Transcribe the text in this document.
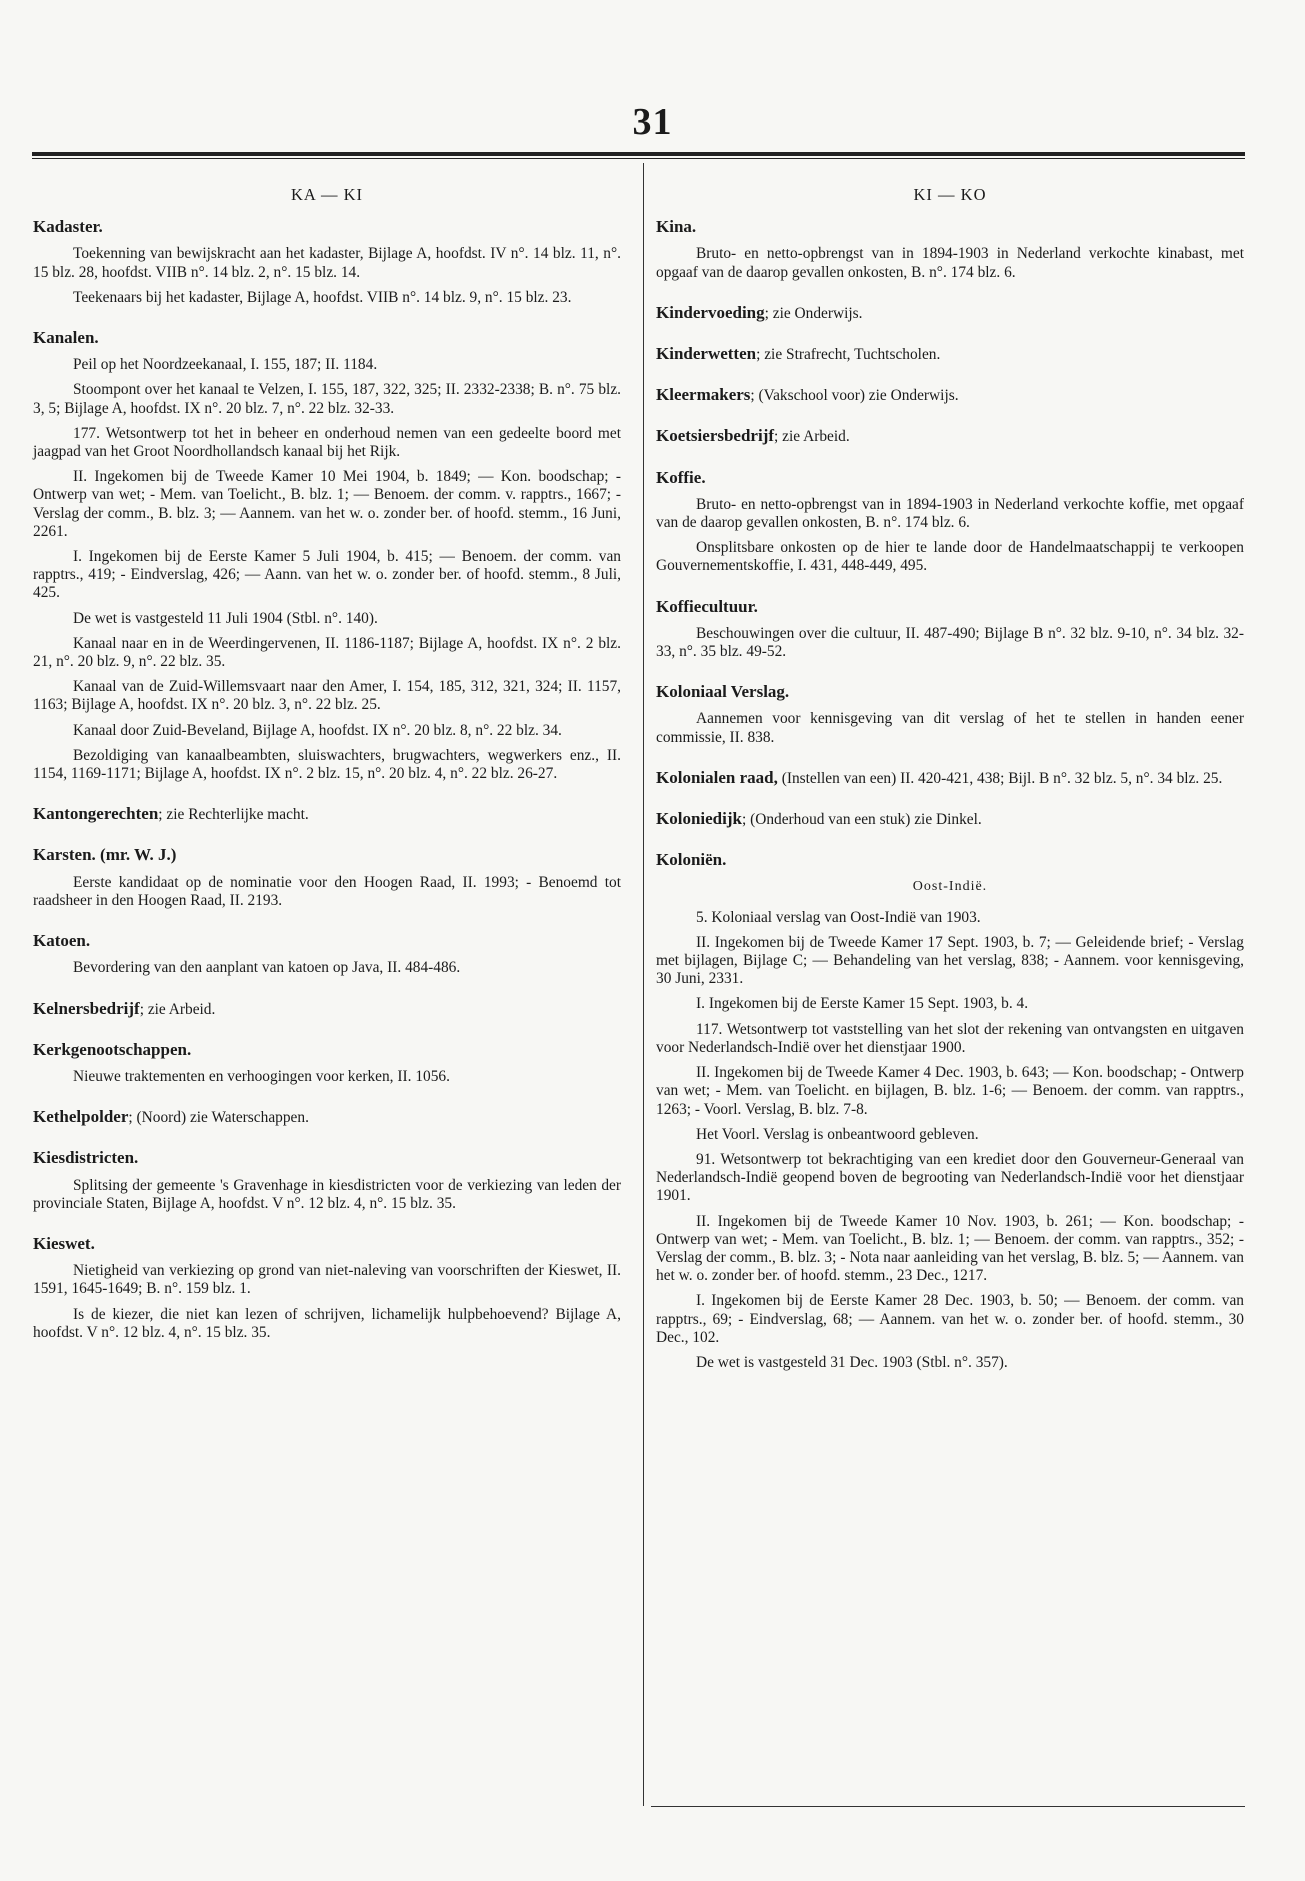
31
KA — KI
Kadaster.

Toekenning van bewijskracht aan het kadaster, Bijlage A, hoofdst. IV n°. 14 blz. 11, n°. 15 blz. 28, hoofdst. VIIB n°. 14 blz. 2, n°. 15 blz. 14.

Teekenaars bij het kadaster, Bijlage A, hoofdst. VIIB n°. 14 blz. 9, n°. 15 blz. 23.

Kanalen.

Peil op het Noordzeekanaal, I. 155, 187; II. 1184.

Stoompont over het kanaal te Velzen, I. 155, 187, 322, 325; II. 2332-2338; B. n°. 75 blz. 3, 5; Bijlage A, hoofdst. IX n°. 20 blz. 7, n°. 22 blz. 32-33.

177. Wetsontwerp tot het in beheer en onderhoud nemen van een gedeelte boord met jaagpad van het Groot Noordhollandsch kanaal bij het Rijk.

II. Ingekomen bij de Tweede Kamer 10 Mei 1904, b. 1849; — Kon. boodschap; - Ontwerp van wet; - Mem. van Toelicht., B. blz. 1; — Benoem. der comm. v. rapptrs., 1667; - Verslag der comm., B. blz. 3; — Aannem. van het w. o. zonder ber. of hoofd. stemm., 16 Juni, 2261.

I. Ingekomen bij de Eerste Kamer 5 Juli 1904, b. 415; — Benoem. der comm. van rapptrs., 419; - Eindverslag, 426; — Aann. van het w. o. zonder ber. of hoofd. stemm., 8 Juli, 425.

De wet is vastgesteld 11 Juli 1904 (Stbl. n°. 140).

Kanaal naar en in de Weerdingervenen, II. 1186-1187; Bijlage A, hoofdst. IX n°. 2 blz. 21, n°. 20 blz. 9, n°. 22 blz. 35.

Kanaal van de Zuid-Willemsvaart naar den Amer, I. 154, 185, 312, 321, 324; II. 1157, 1163; Bijlage A, hoofdst. IX n°. 20 blz. 3, n°. 22 blz. 25.

Kanaal door Zuid-Beveland, Bijlage A, hoofdst. IX n°. 20 blz. 8, n°. 22 blz. 34.

Bezoldiging van kanaalbeambten, sluiswachters, brugwachters, wegwerkers enz., II. 1154, 1169-1171; Bijlage A, hoofdst. IX n°. 2 blz. 15, n°. 20 blz. 4, n°. 22 blz. 26-27.

Kantongerechten; zie Rechterlijke macht.

Karsten. (mr. W. J.)

Eerste kandidaat op de nominatie voor den Hoogen Raad, II. 1993; - Benoemd tot raadsheer in den Hoogen Raad, II. 2193.

Katoen.

Bevordering van den aanplant van katoen op Java, II. 484-486.

Kelnersbedrijf; zie Arbeid.

Kerkgenootschappen.

Nieuwe traktementen en verhoogingen voor kerken, II. 1056.

Kethelpolder; (Noord) zie Waterschappen.

Kiesdistricten.

Splitsing der gemeente 's Gravenhage in kiesdistricten voor de verkiezing van leden der provinciale Staten, Bijlage A, hoofdst. V n°. 12 blz. 4, n°. 15 blz. 35.

Kieswet.

Nietigheid van verkiezing op grond van niet-naleving van voorschriften der Kieswet, II. 1591, 1645-1649; B. n°. 159 blz. 1.

Is de kiezer, die niet kan lezen of schrijven, lichamelijk hulpbehoevend? Bijlage A, hoofdst. V n°. 12 blz. 4, n°. 15 blz. 35.

KI — KO
Kina.

Bruto- en netto-opbrengst van in 1894-1903 in Nederland verkochte kinabast, met opgaaf van de daarop gevallen onkosten, B. n°. 174 blz. 6.

Kindervoeding; zie Onderwijs.

Kinderwetten; zie Strafrecht, Tuchtscholen.

Kleermakers; (Vakschool voor) zie Onderwijs.

Koetsiersbedrijf; zie Arbeid.

Koffie.

Bruto- en netto-opbrengst van in 1894-1903 in Nederland verkochte koffie, met opgaaf van de daarop gevallen onkosten, B. n°. 174 blz. 6.

Onsplitsbare onkosten op de hier te lande door de Handelmaatschappij te verkoopen Gouvernementskoffie, I. 431, 448-449, 495.

Koffiecultuur.

Beschouwingen over die cultuur, II. 487-490; Bijlage B n°. 32 blz. 9-10, n°. 34 blz. 32-33, n°. 35 blz. 49-52.

Koloniaal Verslag.

Aannemen voor kennisgeving van dit verslag of het te stellen in handen eener commissie, II. 838.

Kolonialen raad, (Instellen van een) II. 420-421, 438; Bijl. B n°. 32 blz. 5, n°. 34 blz. 25.

Koloniedijk; (Onderhoud van een stuk) zie Dinkel.

Koloniën.
Oost-Indië.

5. Koloniaal verslag van Oost-Indië van 1903.

II. Ingekomen bij de Tweede Kamer 17 Sept. 1903, b. 7; — Geleidende brief; - Verslag met bijlagen, Bijlage C; — Behandeling van het verslag, 838; - Aannem. voor kennisgeving, 30 Juni, 2331.

I. Ingekomen bij de Eerste Kamer 15 Sept. 1903, b. 4.

117. Wetsontwerp tot vaststelling van het slot der rekening van ontvangsten en uitgaven voor Nederlandsch-Indië over het dienstjaar 1900.

II. Ingekomen bij de Tweede Kamer 4 Dec. 1903, b. 643; — Kon. boodschap; - Ontwerp van wet; - Mem. van Toelicht. en bijlagen, B. blz. 1-6; — Benoem. der comm. van rapptrs., 1263; - Voorl. Verslag, B. blz. 7-8.

Het Voorl. Verslag is onbeantwoord gebleven.

91. Wetsontwerp tot bekrachtiging van een krediet door den Gouverneur-Generaal van Nederlandsch-Indië geopend boven de begrooting van Nederlandsch-Indië voor het dienstjaar 1901.

II. Ingekomen bij de Tweede Kamer 10 Nov. 1903, b. 261; — Kon. boodschap; - Ontwerp van wet; - Mem. van Toelicht., B. blz. 1; — Benoem. der comm. van rapptrs., 352; - Verslag der comm., B. blz. 3; - Nota naar aanleiding van het verslag, B. blz. 5; — Aannem. van het w. o. zonder ber. of hoofd. stemm., 23 Dec., 1217.

I. Ingekomen bij de Eerste Kamer 28 Dec. 1903, b. 50; — Benoem. der comm. van rapptrs., 69; - Eindverslag, 68; — Aannem. van het w. o. zonder ber. of hoofd. stemm., 30 Dec., 102.

De wet is vastgesteld 31 Dec. 1903 (Stbl. n°. 357).
